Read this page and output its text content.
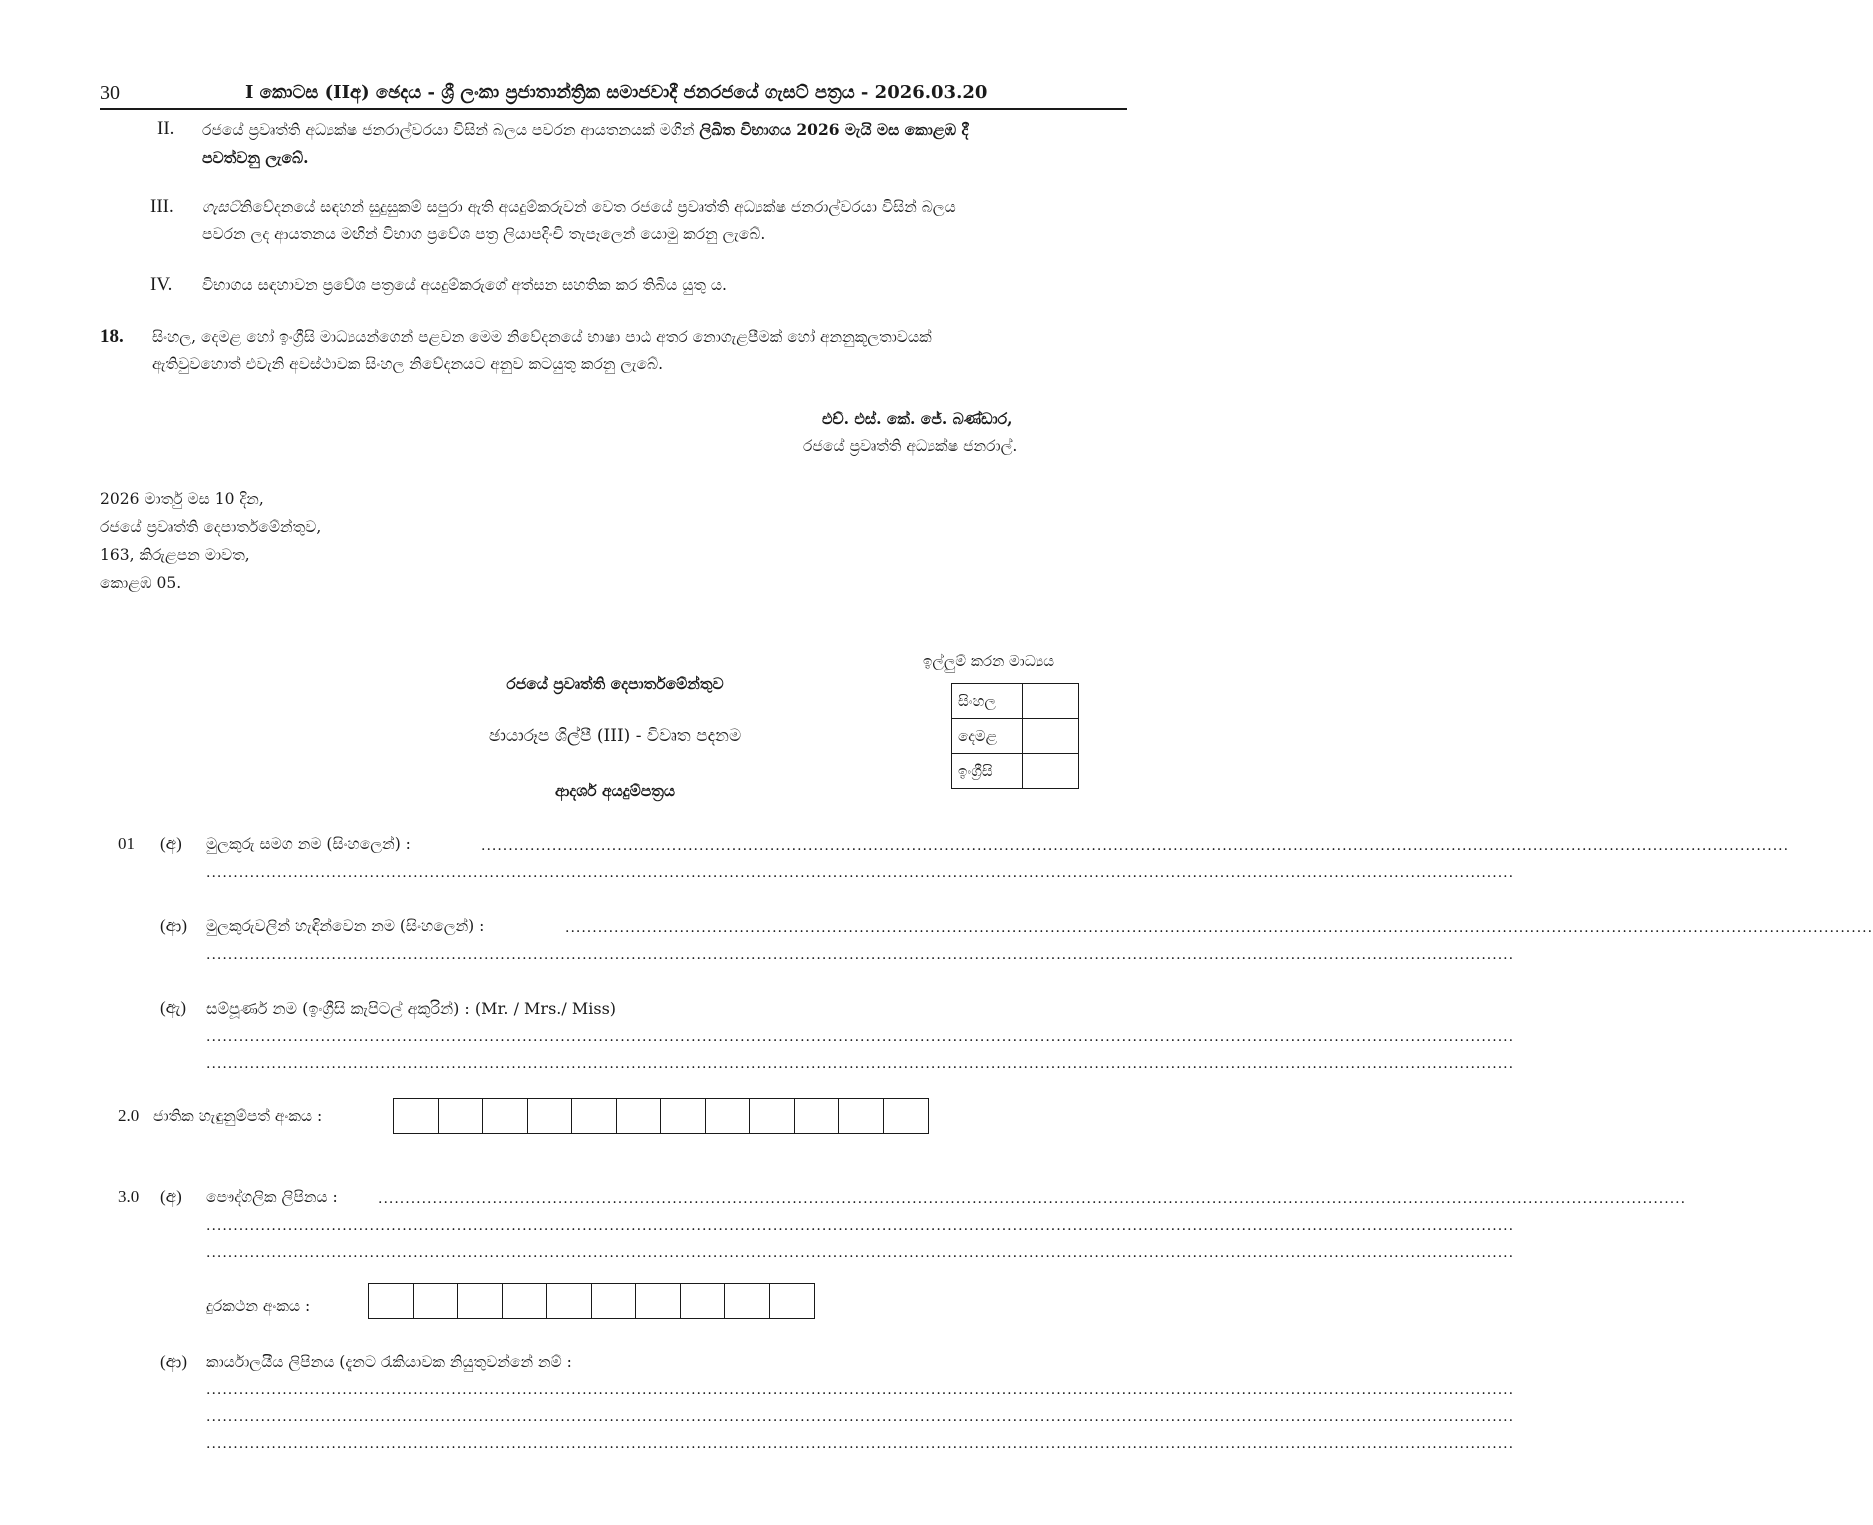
30	I කොටස (IIඅ) ඡෙදය - ශ්‍රී ලංකා ප්‍රජාතාන්ත්‍රික සමාජවාදී ජනරජයේ ගැසට් පත්‍රය - 2026.03.20
II. රජයේ ප්‍රවෘත්ති අධ්‍යක්ෂ ජනරාල්වරයා විසින් බලය පවරන ආයතනයක් මගින් ලිඛිත විභාගය 2026 මැයි මස කොළඹ දී
පවත්වනු ලැබේ.
III. ගැසට්නිවේදනයේ සඳහන් සුදුසුකම් සපුරා ඇති අයදුම්කරුවන් වෙත රජයේ ප්‍රවෘත්ති අධ්‍යක්ෂ ජනරාල්වරයා විසින් බලය
පවරන ලද ආයතනය මඟින් විභාග ප්‍රවේශ පත්‍ර ලියාපදිංචි තැපෑලෙන් යොමු කරනු ලැබේ.
IV. විභාගය සඳහාවන ප්‍රවේශ පත්‍රයේ අයදුම්කරුගේ අත්සන සහතික කර තිබිය යුතු ය.
18. සිංහල, දෙමළ හෝ ඉංග්‍රීසි මාධ්‍යයන්ගෙන් පළවන මෙම නිවේදනයේ භාෂා පාඨ අතර නොගැළපීමක් හෝ අනනුකූලතාවයක්
ඇතිවුවහොත් එවැනි අවස්ථාවක සිංහල නිවේදනයට අනුව කටයුතු කරනු ලැබේ.
එච්. එස්. කේ. ජේ. බණ්ඩාර,
රජයේ ප්‍රවෘත්ති අධ්‍යක්ෂ ජනරාල්.
2026 මාර්තු මස 10 දින,
රජයේ ප්‍රවෘත්ති දෙපාර්තමේන්තුව,
163, කිරුළපන මාවත,
කොළඹ 05.
රජයේ ප්‍රවෘත්ති දෙපාර්තමේන්තුව
ඡායාරූප ශිල්පී (III) - විවෘත පදනම
ආදර්ශ අයදුම්පත්‍රය
ඉල්ලුම් කරන මාධ්‍යය
සිංහල	
දෙමළ	
ඉංග්‍රීසි	
01 (අ) මුලකුරු සමග නම (සිංහලෙන්) :	................................................................................................................................................................................................................................................
................................................................................................................................................................................................................................................
(ආ) මුලකුරුවලින් හැඳින්වෙන නම (සිංහලෙන්) :	................................................................................................................................................................................................................................................
................................................................................................................................................................................................................................................
(ඇ) සම්පූර්ණ නම (ඉංග්‍රීසි කැපිටල් අකුරින්) : (Mr. / Mrs./ Miss)
................................................................................................................................................................................................................................................
................................................................................................................................................................................................................................................
2.0 ජාතික හැඳුනුම්පත් අංකය :
3.0 (අ) පෞද්ගලික ලිපිනය :	................................................................................................................................................................................................................................................
................................................................................................................................................................................................................................................
................................................................................................................................................................................................................................................
දුරකථන අංකය :
(ආ) කාර්යාලයීය ලිපිනය (දැනට රැකියාවක නියුතුවන්නේ නම් :
................................................................................................................................................................................................................................................
................................................................................................................................................................................................................................................
................................................................................................................................................................................................................................................
